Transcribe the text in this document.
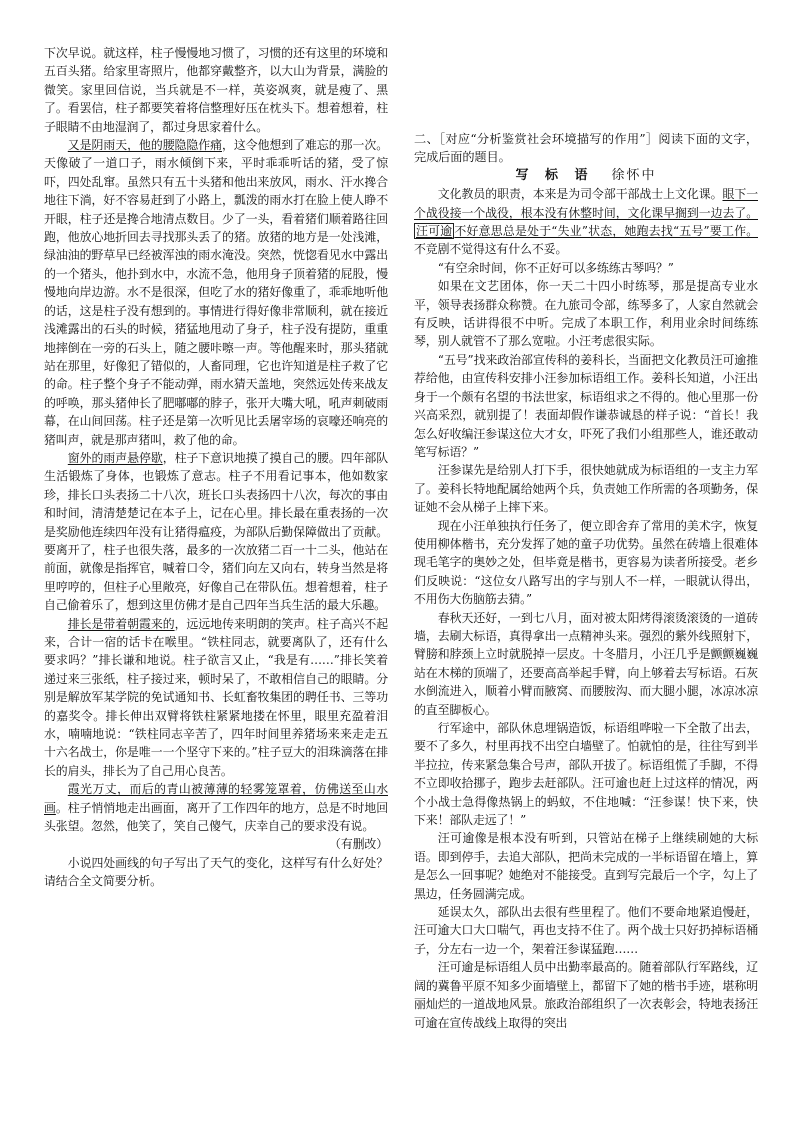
下次早说。就这样，柱子慢慢地习惯了，习惯的还有这里的环境和五百头猪。给家里寄照片，他都穿戴整齐，以大山为背景，满脸的微笑。家里回信说，当兵就是不一样，英姿飒爽，就是瘦了、黑了。看罢信，柱子都要笑着将信整理好压在枕头下。想着想着，柱子眼睛不由地湿润了，都过身思家着什么。

又是阴雨天，他的腰隐隐作痛，这令他想到了难忘的那一次。天像破了一道口子，雨水倾倒下来，平时乖乖听话的猪，受了惊吓，四处乱窜。虽然只有五十头猪和他出来放风，雨水、汗水搀合地往下淌，好不容易赶到了小路上，瓢泼的雨水打在脸上使人睁不开眼，柱子还是搀合地清点数目。少了一头，看着猪们顺着路往回跑，他放心地折回去寻找那头丢了的猪。放猪的地方是一处浅滩，绿油油的野草早已经被浑浊的雨水淹没。突然，恍惚看见水中露出的一个猪头，他扑到水中，水流不急，他用身子顶着猪的屁股，慢慢地向岸边游。水不是很深，但吃了水的猪好像重了，乖乖地听他的话，这是柱子没有想到的。事情进行得好像非常顺利，就在接近浅滩露出的石头的时候，猪猛地甩动了身子，柱子没有提防，重重地摔倒在一旁的石头上，随之腰咔嚓一声。等他醒来时，那头猪就站在那里，好像犯了错似的，人畜同理，它也许知道是柱子救了它的命。柱子整个身子不能动弹，雨水猜天盖地，突然远处传来战友的呼唤，那头猪伸长了肥嘟嘟的脖子，张开大嘴大吼，吼声刺破雨幕，在山间回荡。柱子还是第一次听见比丢屠宰场的哀嚎还响亮的猪叫声，就是那声猪叫，救了他的命。

窗外的雨声悬停歇，柱子下意识地摸了摸自己的腰。四年部队生活锻炼了身体，也锻炼了意志。柱子不用看记事本，他如数家珍，排长口头表扬二十八次，班长口头表扬四十八次，每次的事由和时间，清清楚楚记在本子上，记在心里。排长最在重表扬的一次是奖励他连续四年没有让猪得瘟疫，为部队后勤保障做出了贡献。要离开了，柱子也很失落，最多的一次放猪二百一十二头，他站在前面，就像是指挥官，喊着口令，猪们向左又向右，转身当然是将里哼哼的，但柱子心里敞亮，好像自己在带队伍。想着想着，柱子自己偷着乐了，想到这里仿佛才是自己四年当兵生活的最大乐趣。

排长是带着朝霞来的，远远地传来明朗的笑声。柱子高兴不起来，合计一宿的话卡在喉里。“铁柱同志，就要离队了，还有什么要求吗？”排长谦和地说。柱子欲言又止，“我是有……”排长笑着递过来三张纸，柱子接过来，顿时呆了，不敢相信自己的眼睛。分别是解放军某学院的免试通知书、长虹畜牧集团的聘任书、三等功的嘉奖令。排长伸出双臂将铁柱紧紧地搂在怀里，眼里充盈着泪水，喃喃地说：“铁柱同志辛苦了，四年时间里养猪场来来走走五十六名战士，你是唯一一个坚守下来的。”柱子豆大的泪珠滴落在排长的肩头，排长为了自己用心良苦。

霞光万丈，而后的青山被薄薄的轻雾笼罩着，仿佛送至山水画。柱子悄悄地走出画面，离开了工作四年的地方，总是不时地回头张望。忽然，他笑了，笑自己傻气，庆幸自己的要求没有说。

（有删改）

小说四处画线的句子写出了天气的变化，这样写有什么好处？请结合全文简要分析。

二、［对应“分析鉴赏社会环境描写的作用”］阅读下面的文字，完成后面的题目。

写 标 语 徐怀中

文化教员的职责，本来是为司令部干部战士上文化课。眼下一个战役接一个战役，根本没有休整时间，文化课早搁到一边去了。汪可逾 不好意思总是处于“失业”状态，她跑去找“五号”要工作。不竞剧不觉得这有什么不妥。

“有空余时间，你不正好可以多练练古琴吗？”

如果在文艺团体，你一天二十四小时练琴，那是提高专业水平，领导表扬群众称赞。在九旅司令部，练琴多了，人家自然就会有反映，话讲得很不中听。完成了本职工作，利用业余时间练练琴，别人就管不了那么宽啦。小汪考虑很实际。

“五号”找来政治部宣传科的姜科长，当面把文化教员汪可逾推荐给他，由宣传科安排小汪参加标语组工作。姜科长知道，小汪出身于一个颇有名望的书法世家，标语组求之不得的。他心里那一份兴高采烈，就别提了！表面却假作谦恭诚恳的样子说：“首长！我怎么好收编汪参谋这位大才女，吓死了我们小组那些人，谁还敢动笔写标语？”

汪参谋先是给别人打下手，很快她就成为标语组的一支主力军了。姜科长特地配属给她两个兵，负责她工作所需的各项勤务，保证她不会从梯子上摔下来。

现在小汪单独执行任务了，便立即舍弃了常用的美术字，恢复使用柳体楷书，充分发挥了她的童子功优势。虽然在砖墙上很难体现毛笔字的奥妙之处，但毕竟是楷书，更容易为读者所接受。老乡们反映说：“这位女八路写出的字与别人不一样，一眼就认得出，不用伤大伤脑筋去猜。”

春秋天还好，一到七八月，面对被太阳烤得滚烫滚烫的一道砖墙，去刷大标语，真得拿出一点精神头来。强烈的紫外线照射下，臂膀和脖颈上立时就脱掉一层皮。十冬腊月，小汪几乎是颤颤巍巍站在木梯的顶端了，还要高高举起手臂，向上够着去写标语。石灰水倒流进入，顺着小臂而腋窝、而腰胺沟、而大腿小腿，冰凉冰凉的直至脚板心。

行军途中，部队休息埋锅造饭，标语组哗啦一下全散了出去，要不了多久，村里再找不出空白墙壁了。怕就怕的是，往往写到半半拉拉，传来紧急集合号声，部队开拔了。标语组慌了手脚，不得不立即收拾挪子，跑步去赶部队。汪可逾也赶上过这样的情况，两个小战士急得像热锅上的蚂蚁，不住地喊：“汪参谋！快下来，快下来！部队走远了！”

汪可逾像是根本没有听到，只管站在梯子上继续刷她的大标语。即到停手，去追大部队，把尚未完成的一半标语留在墙上，算是怎么一回事呢？她绝对不能接受。直到写完最后一个字，勾上了黑边，任务圆满完成。

延误太久，部队出去很有些里程了。他们不要命地紧追慢赶，汪可逾大口大口喘气，再也支持不住了。两个战士只好扔掉标语桶子，分左右一边一个，架着汪参谋猛跑……

汪可逾是标语组人员中出勤率最高的。随着部队行军路线，辽阔的冀鲁平原不知多少面墙壁上，都留下了她的楷书手迹，堪称明丽灿烂的一道战地风景。旅政治部组织了一次表彰会，特地表扬汪可逾在宣传战线上取得的突出
